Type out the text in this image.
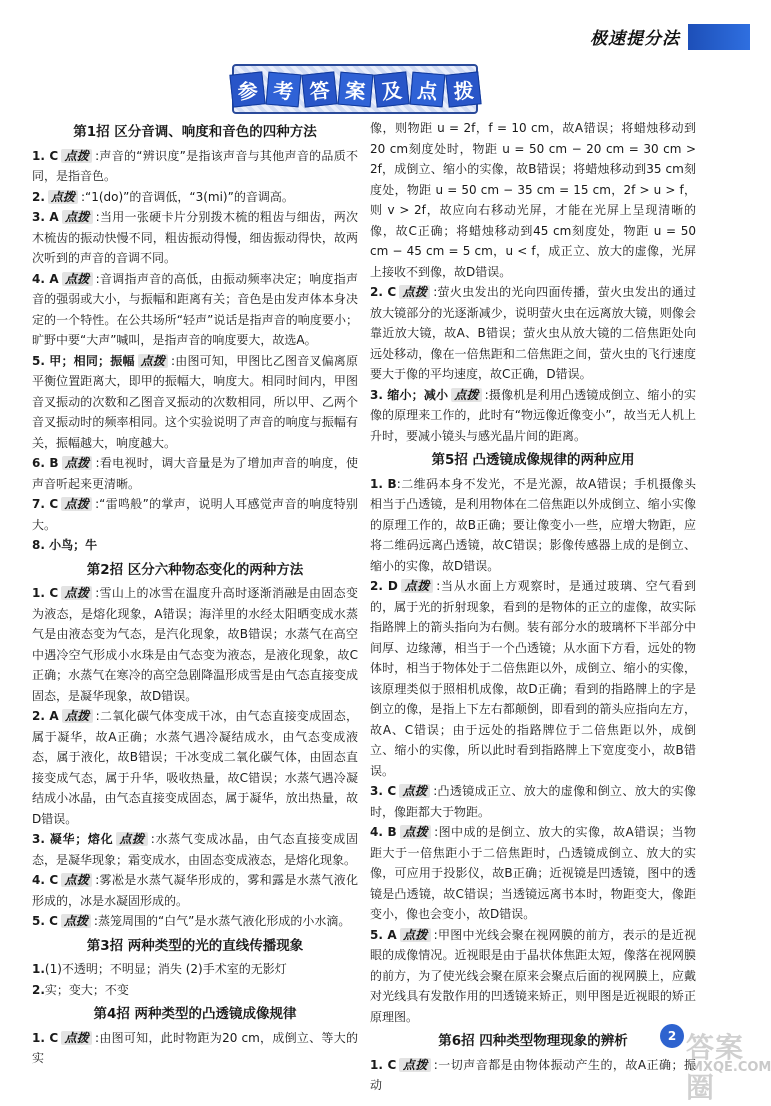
极速提分法
参 考 答 案 及 点 拨
第1招 区分音调、响度和音色的四种方法

1. C 点拨 :声音的“辨识度”是指该声音与其他声音的品质不同，是指音色。

2. 点拨 :“1(do)”的音调低，“3(mi)”的音调高。

3. A 点拨 :当用一张硬卡片分别拨木梳的粗齿与细齿，两次木梳齿的振动快慢不同，粗齿振动得慢，细齿振动得快，故两次听到的声音的音调不同。

4. A 点拨 :音调指声音的高低，由振动频率决定；响度指声音的强弱或大小，与振幅和距离有关；音色是由发声体本身决定的一个特性。在公共场所“轻声”说话是指声音的响度要小；旷野中要“大声”喊叫，是指声音的响度要大，故选A。

5. 甲；相同；振幅 点拨 :由图可知，甲图比乙图音叉偏离原平衡位置距离大，即甲的振幅大，响度大。相同时间内，甲图音叉振动的次数和乙图音叉振动的次数相同，所以甲、乙两个音叉振动时的频率相同。这个实验说明了声音的响度与振幅有关，振幅越大，响度越大。

6. B 点拨 :看电视时，调大音量是为了增加声音的响度，使声音听起来更清晰。

7. C 点拨 :“雷鸣般”的掌声，说明人耳感觉声音的响度特别大。

8. 小鸟；牛

第2招 区分六种物态变化的两种方法

1. C 点拨 :雪山上的冰雪在温度升高时逐渐消融是由固态变为液态，是熔化现象，A错误；海洋里的水经太阳晒变成水蒸气是由液态变为气态，是汽化现象，故B错误；水蒸气在高空中遇冷空气形成小水珠是由气态变为液态，是液化现象，故C正确；水蒸气在寒冷的高空急剧降温形成雪是由气态直接变成固态，是凝华现象，故D错误。

2. A 点拨 :二氧化碳气体变成干冰，由气态直接变成固态，属于凝华，故A正确；水蒸气遇冷凝结成水，由气态变成液态，属于液化，故B错误；干冰变成二氧化碳气体，由固态直接变成气态，属于升华，吸收热量，故C错误；水蒸气遇冷凝结成小冰晶，由气态直接变成固态，属于凝华，放出热量，故D错误。

3. 凝华；熔化 点拨 :水蒸气变成冰晶，由气态直接变成固态，是凝华现象；霜变成水，由固态变成液态，是熔化现象。

4. C 点拨 :雾凇是水蒸气凝华形成的，雾和露是水蒸气液化形成的，冰是水凝固形成的。

5. C 点拨 :蒸笼周围的“白气”是水蒸气液化形成的小水滴。

第3招 两种类型的光的直线传播现象

1.(1)不透明；不明显；消失 (2)手术室的无影灯

2.实；变大；不变

第4招 两种类型的凸透镜成像规律

1. C 点拨 :由图可知，此时物距为20 cm，成倒立、等大的实

像，则物距 u = 2f，f = 10 cm，故A错误；将蜡烛移动到20 cm刻度处时，物距 u = 50 cm − 20 cm = 30 cm > 2f，成倒立、缩小的实像，故B错误；将蜡烛移动到35 cm刻度处，物距 u = 50 cm − 35 cm = 15 cm，2f > u > f，则 v > 2f，故应向右移动光屏，才能在光屏上呈现清晰的像，故C正确；将蜡烛移动到45 cm刻度处，物距 u = 50 cm − 45 cm = 5 cm，u < f，成正立、放大的虚像，光屏上接收不到像，故D错误。

2. C 点拨 :萤火虫发出的光向四面传播，萤火虫发出的通过放大镜部分的光逐渐减少，说明萤火虫在远离放大镜，则像会靠近放大镜，故A、B错误；萤火虫从放大镜的二倍焦距处向远处移动，像在一倍焦距和二倍焦距之间，萤火虫的飞行速度要大于像的平均速度，故C正确，D错误。

3. 缩小；减小 点拨 :摄像机是利用凸透镜成倒立、缩小的实像的原理来工作的，此时有“物远像近像变小”，故当无人机上升时，要减小镜头与感光晶片间的距离。

第5招 凸透镜成像规律的两种应用

1. B:二维码本身不发光，不是光源，故A错误；手机摄像头相当于凸透镜，是利用物体在二倍焦距以外成倒立、缩小实像的原理工作的，故B正确；要让像变小一些，应增大物距，应将二维码远离凸透镜，故C错误；影像传感器上成的是倒立、缩小的实像，故D错误。

2. D 点拨 :当从水面上方观察时，是通过玻璃、空气看到的，属于光的折射现象，看到的是物体的正立的虚像，故实际指路牌上的箭头指向为右侧。装有部分水的玻璃杯下半部分中间厚、边缘薄，相当于一个凸透镜；从水面下方看，远处的物体时，相当于物体处于二倍焦距以外，成倒立、缩小的实像，该原理类似于照相机成像，故D正确；看到的指路牌上的字是倒立的像，是指上下左右都颠倒，即看到的箭头应指向左方，故A、C错误；由于远处的指路牌位于二倍焦距以外，成倒立、缩小的实像，所以此时看到指路牌上下宽度变小，故B错误。

3. C 点拨 :凸透镜成正立、放大的虚像和倒立、放大的实像时，像距都大于物距。

4. B 点拨 :图中成的是倒立、放大的实像，故A错误；当物距大于一倍焦距小于二倍焦距时，凸透镜成倒立、放大的实像，可应用于投影仪，故B正确；近视镜是凹透镜，图中的透镜是凸透镜，故C错误；当透镜远离书本时，物距变大，像距变小，像也会变小，故D错误。

5. A 点拨 :甲图中光线会聚在视网膜的前方，表示的是近视眼的成像情况。近视眼是由于晶状体焦距太短，像落在视网膜的前方，为了使光线会聚在原来会聚点后面的视网膜上，应戴对光线具有发散作用的凹透镜来矫正，则甲图是近视眼的矫正原理图。

第6招 四种类型物理现象的辨析

1. C 点拨 :一切声音都是由物体振动产生的，故A正确；振动

2 答案圈
MXQE.COM
